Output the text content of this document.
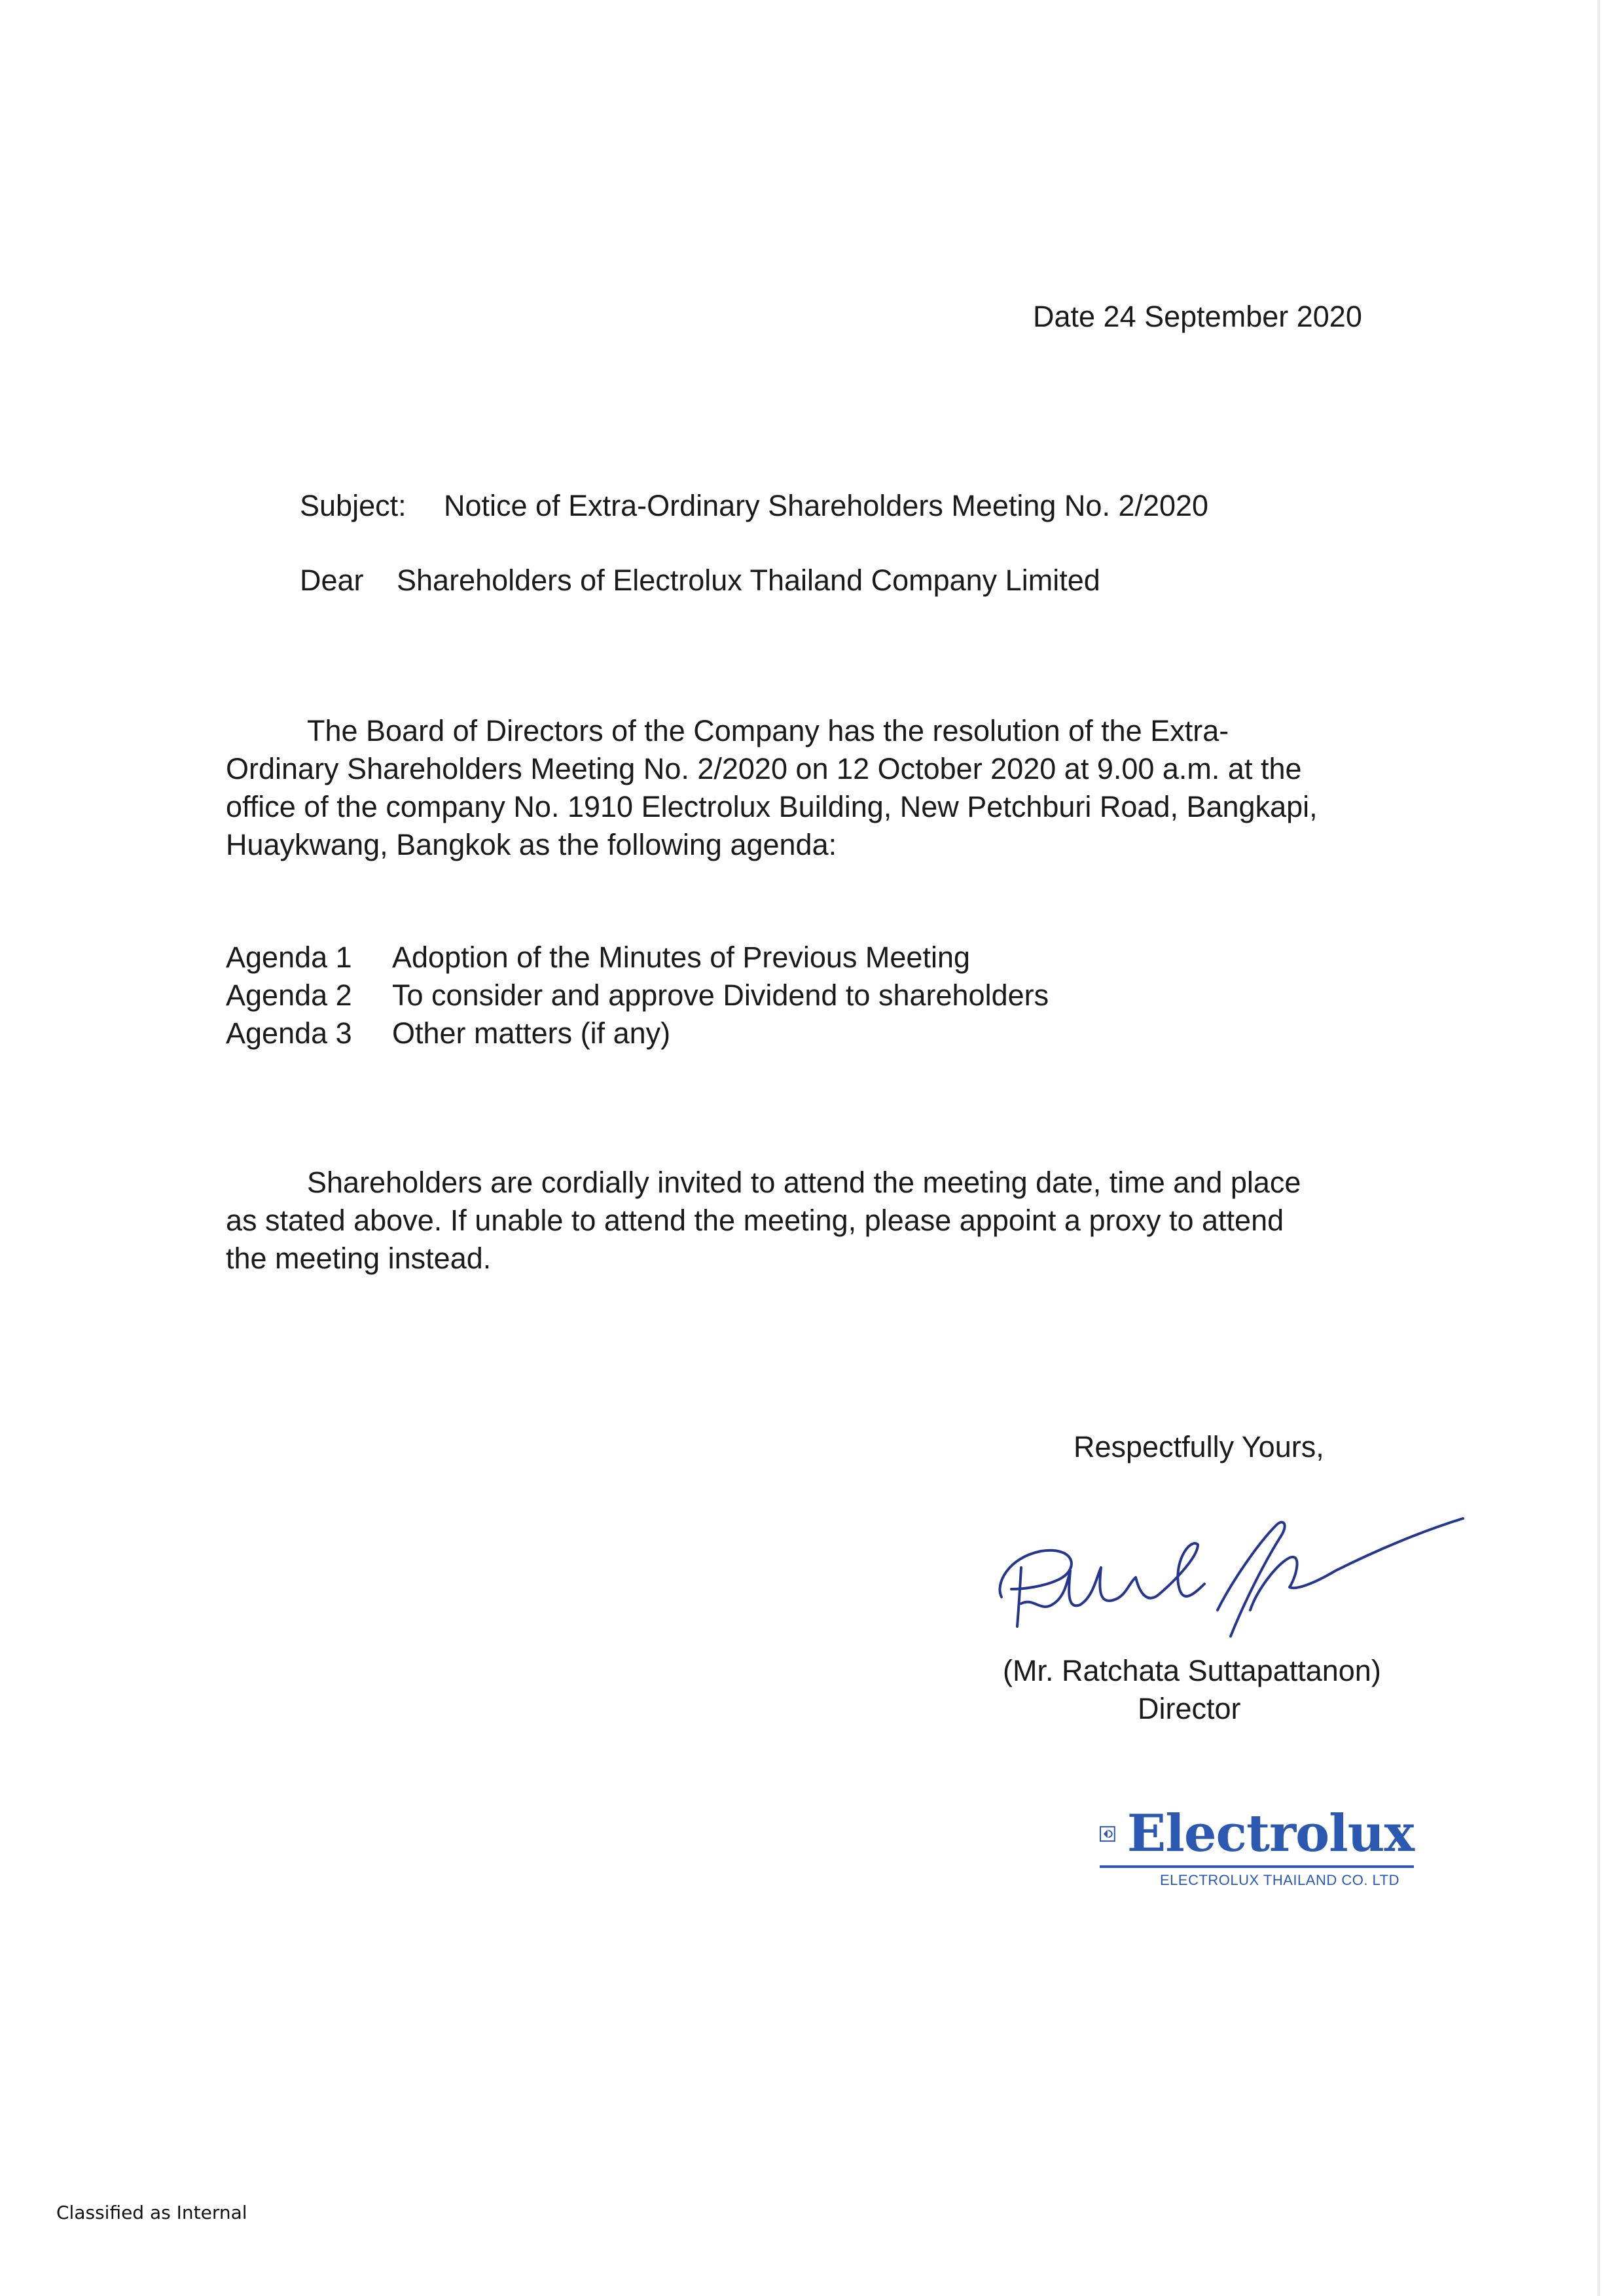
Date 24 September 2020
Subject: Notice of Extra-Ordinary Shareholders Meeting No. 2/2020
Dear Shareholders of Electrolux Thailand Company Limited
The Board of Directors of the Company has the resolution of the Extra-
Ordinary Shareholders Meeting No. 2/2020 on 12 October 2020 at 9.00 a.m. at the
office of the company No. 1910 Electrolux Building, New Petchburi Road, Bangkapi,
Huaykwang, Bangkok as the following agenda:
Agenda 1	Adoption of the Minutes of Previous Meeting
Agenda 2	To consider and approve Dividend to shareholders
Agenda 3	Other matters (if any)
Shareholders are cordially invited to attend the meeting date, time and place
as stated above. If unable to attend the meeting, please appoint a proxy to attend
the meeting instead.
Respectfully Yours,
(Mr. Ratchata Suttapattanon)
Director
Electrolux
ELECTROLUX THAILAND CO. LTD
Classified as Internal
